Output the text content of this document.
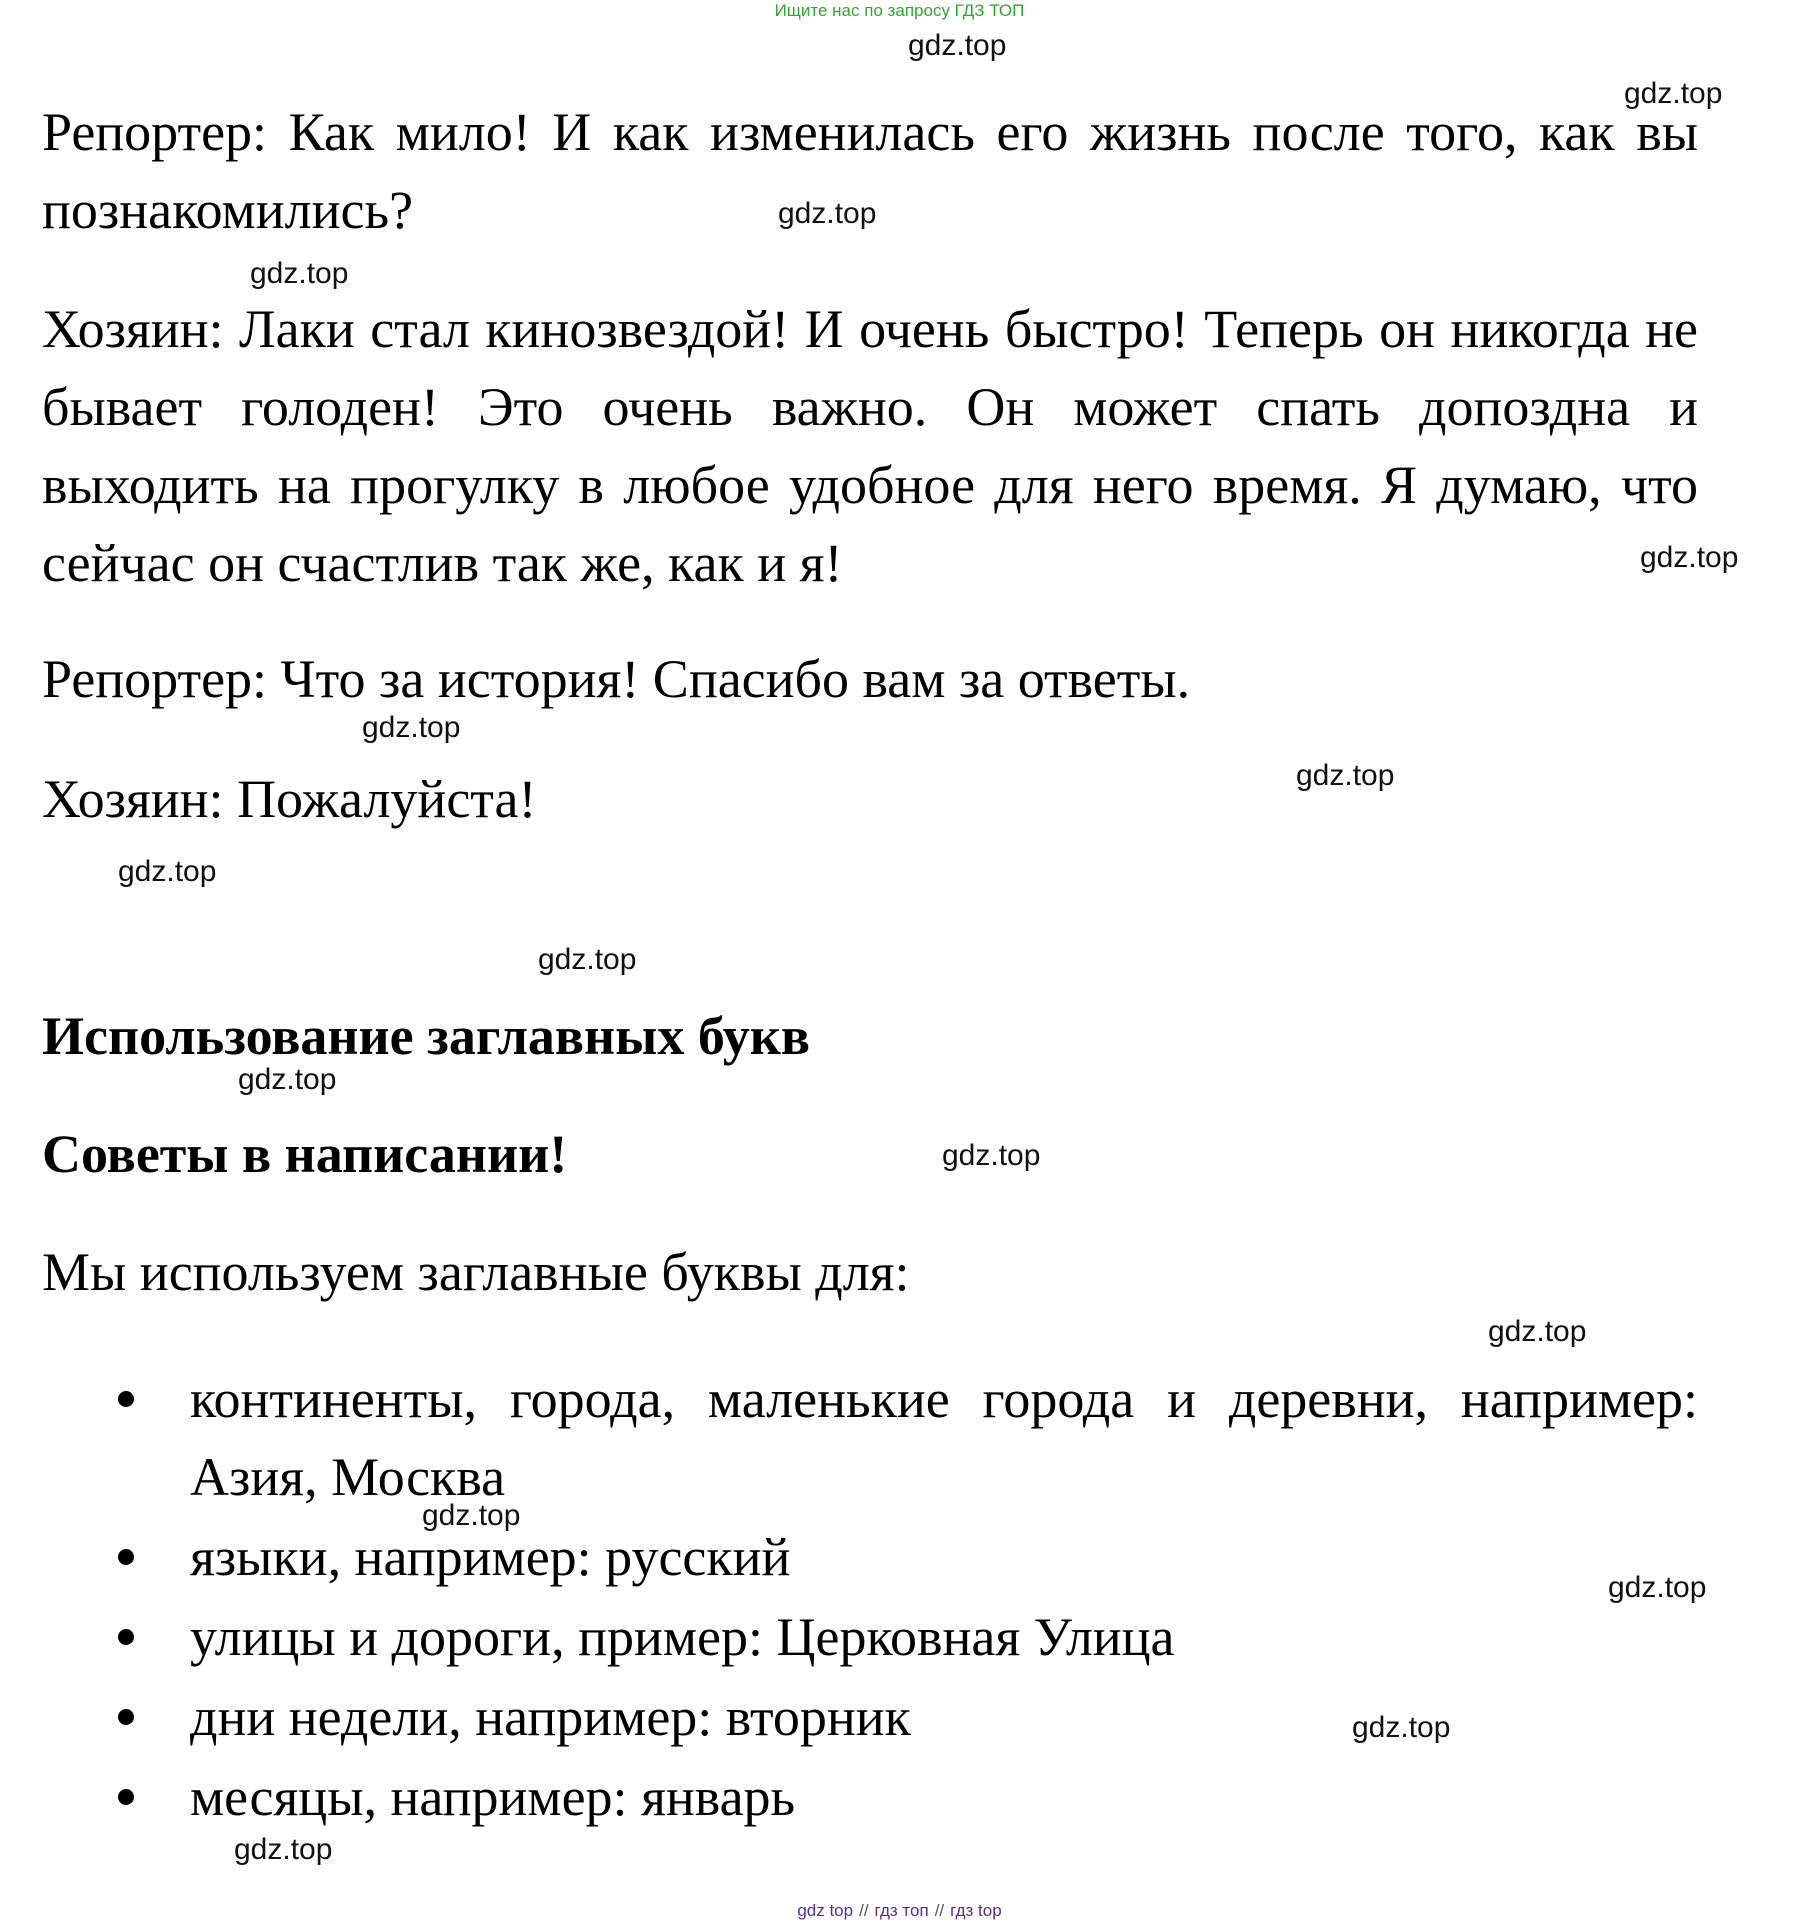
Ищите нас по запросу ГДЗ ТОП
Репортер: Как мило! И как изменилась его жизнь после того, как вы познакомились?
Хозяин: Лаки стал кинозвездой! И очень быстро! Теперь он никогда не бывает голоден! Это очень важно. Он может спать допоздна и выходить на прогулку в любое удобное для него время. Я думаю, что сейчас он счастлив так же, как и я!
Репортер: Что за история! Спасибо вам за ответы.
Хозяин: Пожалуйста!
Использование заглавных букв
Советы в написании!
Мы используем заглавные буквы для:
континенты, города, маленькие города и деревни, например: Азия, Москва
языки, например: русский
улицы и дороги, пример: Церковная Улица
дни недели, например: вторник
месяцы, например: январь
gdz.top
gdz.top
gdz.top
gdz.top
gdz.top
gdz.top
gdz.top
gdz.top
gdz.top
gdz.top
gdz.top
gdz.top
gdz.top
gdz.top
gdz.top
gdz.top
gdz top // гдз топ // гдз top
